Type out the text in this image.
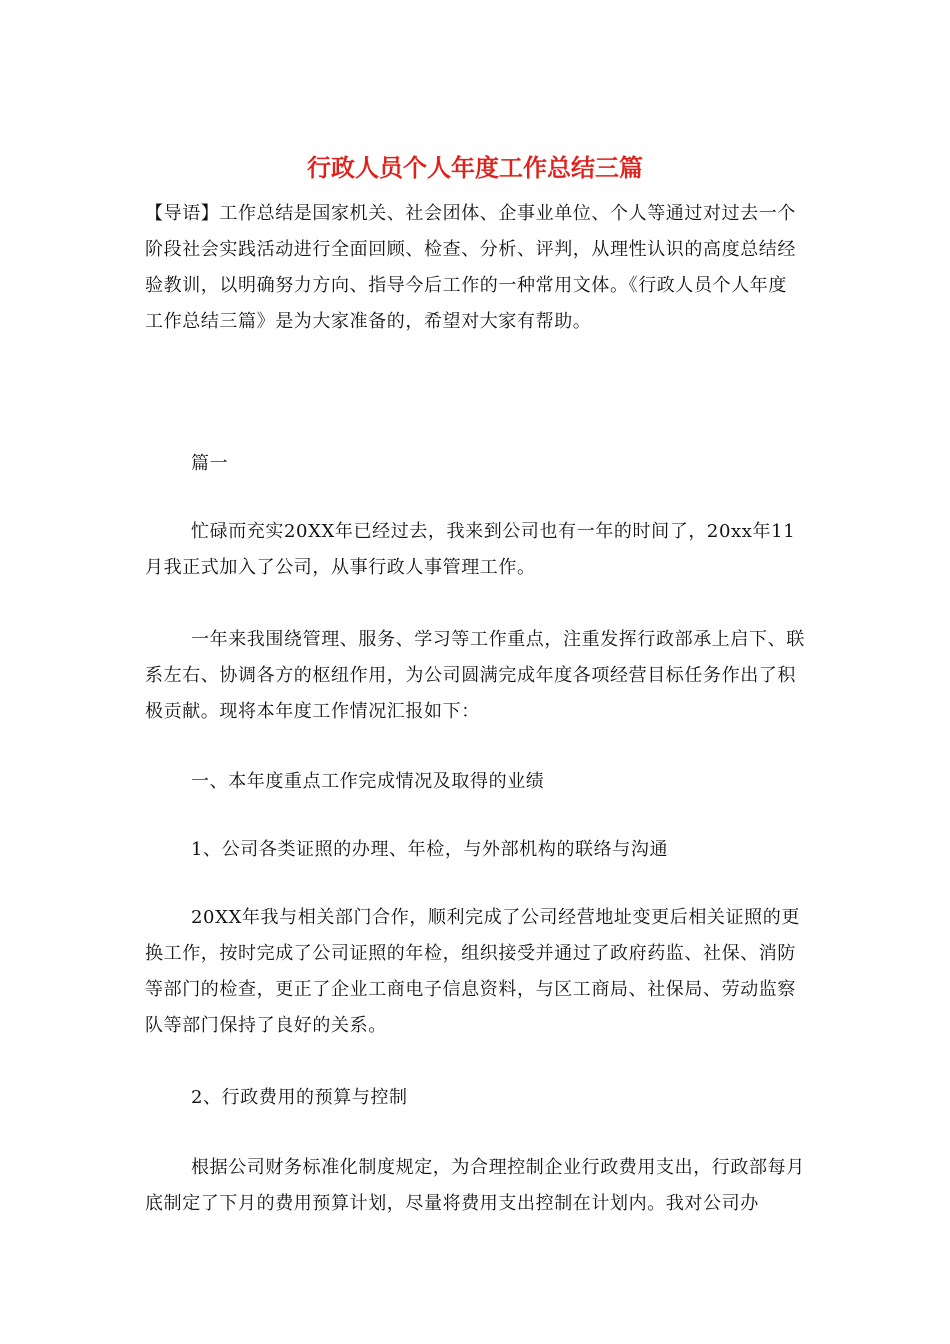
行政人员个人年度工作总结三篇
【导语】工作总结是国家机关、社会团体、企事业单位、个人等通过对过去一个阶段社会实践活动进行全面回顾、检查、分析、评判，从理性认识的高度总结经验教训，以明确努力方向、指导今后工作的一种常用文体。《行政人员个人年度工作总结三篇》是为大家准备的，希望对大家有帮助。
篇一
忙碌而充实20XX年已经过去，我来到公司也有一年的时间了，20xx年11月我正式加入了公司，从事行政人事管理工作。
一年来我围绕管理、服务、学习等工作重点，注重发挥行政部承上启下、联系左右、协调各方的枢纽作用，为公司圆满完成年度各项经营目标任务作出了积极贡献。现将本年度工作情况汇报如下：
一、本年度重点工作完成情况及取得的业绩
1、公司各类证照的办理、年检，与外部机构的联络与沟通
20XX年我与相关部门合作，顺利完成了公司经营地址变更后相关证照的更换工作，按时完成了公司证照的年检，组织接受并通过了政府药监、社保、消防等部门的检查，更正了企业工商电子信息资料，与区工商局、社保局、劳动监察队等部门保持了良好的关系。
2、行政费用的预算与控制
根据公司财务标准化制度规定，为合理控制企业行政费用支出，行政部每月底制定了下月的费用预算计划，尽量将费用支出控制在计划内。我对公司办
